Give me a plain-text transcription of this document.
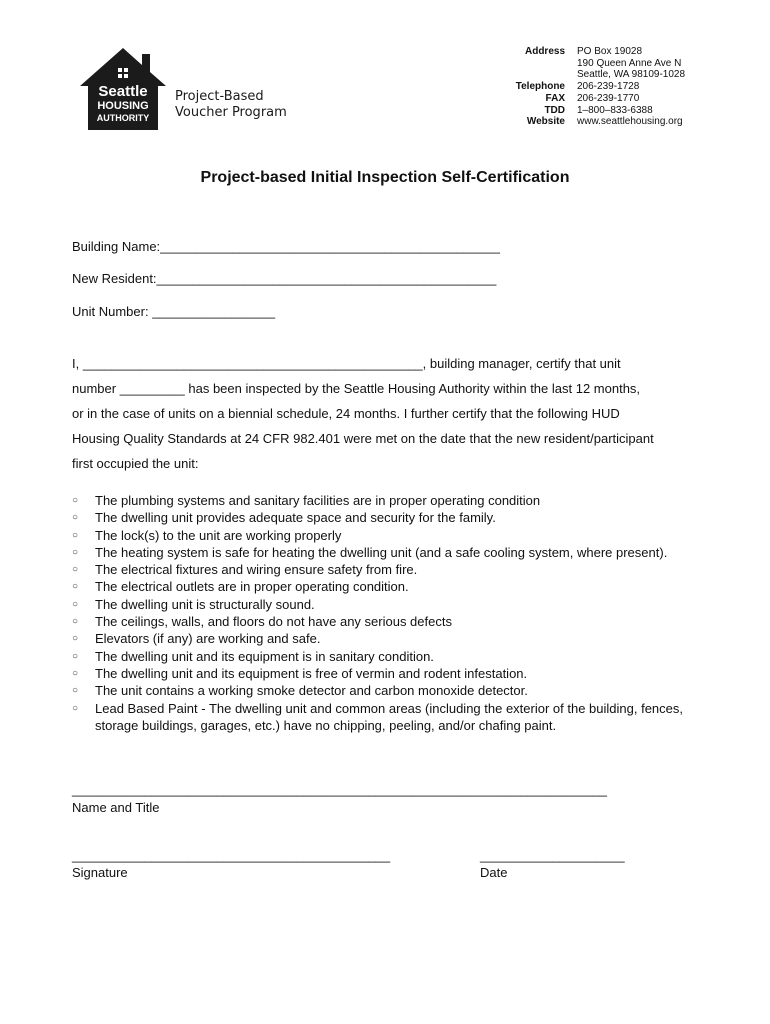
Seattle
HOUSING
AUTHORITY
Project-Based
Voucher Program
Address	PO Box 19028
190 Queen Anne Ave N
Seattle, WA 98109-1028
Telephone	206-239-1728
FAX	206-239-1770
TDD	1–800–833-6388
Website	www.seattlehousing.org
Project-based Initial Inspection Self-Certification
Building Name:_______________________________________________
New Resident:_______________________________________________
Unit Number: _________________
I, _______________________________________________, building manager, certify that unit
number _________ has been inspected by the Seattle Housing Authority within the last 12 months,
or in the case of units on a biennial schedule, 24 months. I further certify that the following HUD
Housing Quality Standards at 24 CFR 982.401 were met on the date that the new resident/participant
first occupied the unit:
○	The plumbing systems and sanitary facilities are in proper operating condition
○	The dwelling unit provides adequate space and security for the family.
○	The lock(s) to the unit are working properly
○	The heating system is safe for heating the dwelling unit (and a safe cooling system, where present).
○	The electrical fixtures and wiring ensure safety from fire.
○	The electrical outlets are in proper operating condition.
○	The dwelling unit is structurally sound.
○	The ceilings, walls, and floors do not have any serious defects
○	Elevators (if any) are working and safe.
○	The dwelling unit and its equipment is in sanitary condition.
○	The dwelling unit and its equipment is free of vermin and rodent infestation.
○	The unit contains a working smoke detector and carbon monoxide detector.
○	Lead Based Paint - The dwelling unit and common areas (including the exterior of the building, fences, storage buildings, garages, etc.) have no chipping, peeling, and/or chafing paint.
__________________________________________________________________________
Name and Title
____________________________________________
Signature
____________________
Date
